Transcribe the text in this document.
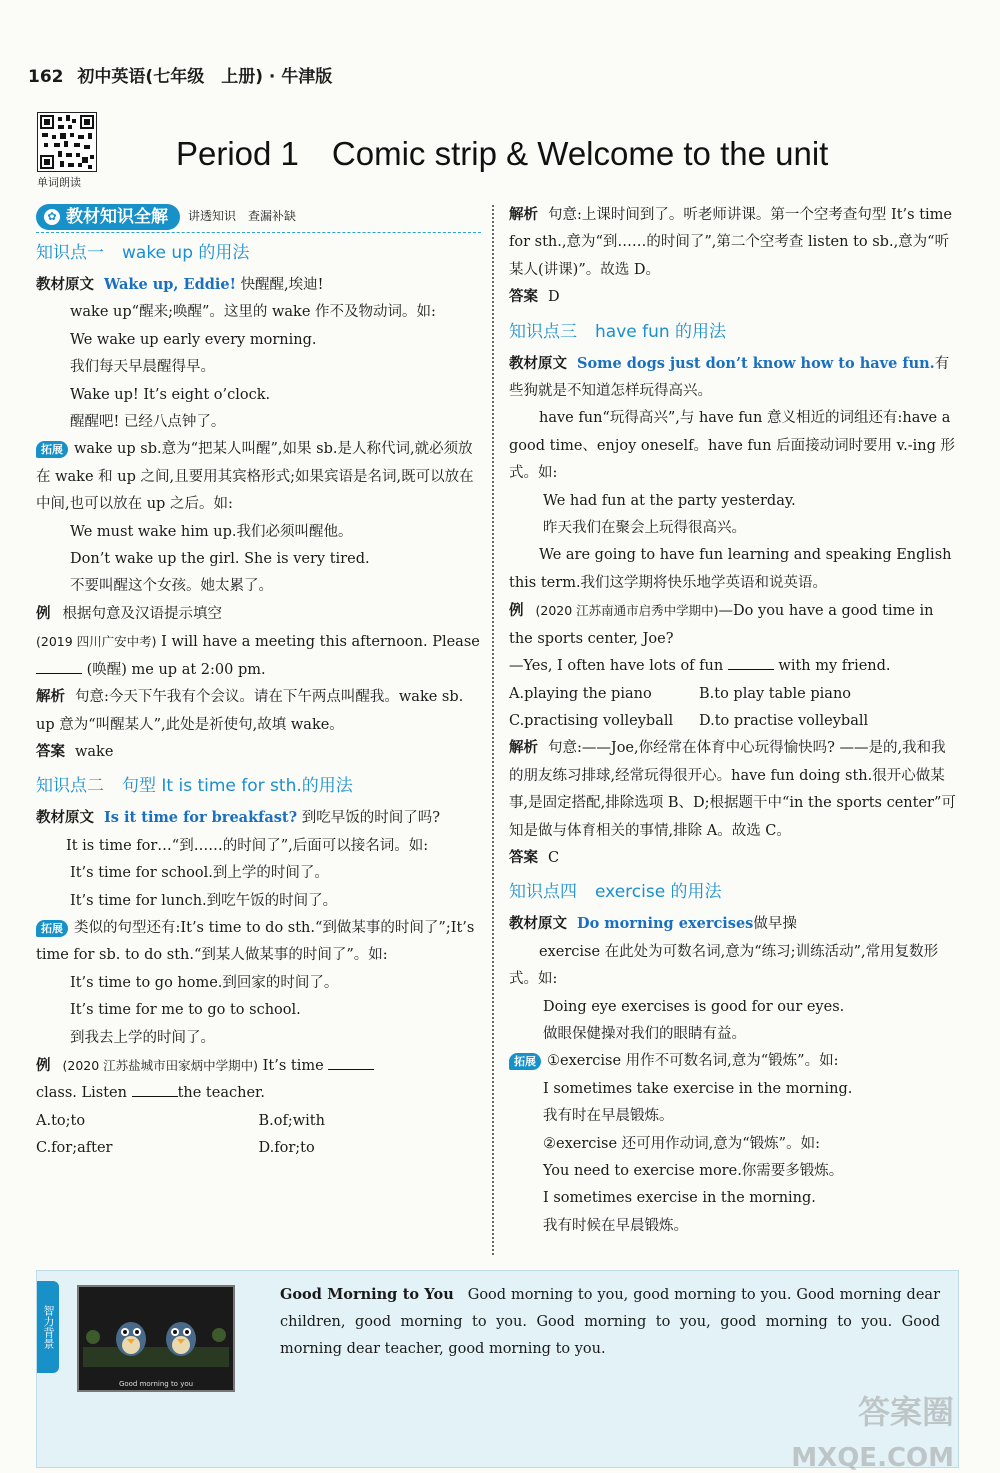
162 初中英语(七年级　上册) · 牛津版
单词朗读
Period 1　Comic strip & Welcome to the unit
✿ 教材知识全解 讲透知识　查漏补缺
知识点一 wake up 的用法
教材原文 Wake up, Eddie! 快醒醒,埃迪!
wake up“醒来;唤醒”。这里的 wake 作不及物动词。如:
We wake up early every morning.
我们每天早晨醒得早。
Wake up! It’s eight o’clock.
醒醒吧! 已经八点钟了。
拓展 wake up sb.意为“把某人叫醒”,如果 sb.是人称代词,就必须放在 wake 和 up 之间,且要用其宾格形式;如果宾语是名词,既可以放在中间,也可以放在 up 之后。如:
We must wake him up.我们必须叫醒他。
Don’t wake up the girl. She is very tired.
不要叫醒这个女孩。她太累了。
例 根据句意及汉语提示填空
(2019 四川广安中考) I will have a meeting this afternoon. Please  (唤醒) me up at 2:00 pm.
解析 句意:今天下午我有个会议。请在下午两点叫醒我。wake sb. up 意为“叫醒某人”,此处是祈使句,故填 wake。
答案 wake
知识点二 句型 It is time for sth.的用法
教材原文 Is it time for breakfast? 到吃早饭的时间了吗?
It is time for…“到……的时间了”,后面可以接名词。如:
It’s time for school.到上学的时间了。
It’s time for lunch.到吃午饭的时间了。
拓展 类似的句型还有:It’s time to do sth.“到做某事的时间了”;It’s time for sb. to do sth.“到某人做某事的时间了”。如:
It’s time to go home.到回家的时间了。
It’s time for me to go to school.
到我去上学的时间了。
例 (2020 江苏盐城市田家炳中学期中) It’s time
class. Listen	the teacher.
A.to;to	B.of;with
C.for;after	D.for;to
解析 句意:上课时间到了。听老师讲课。第一个空考查句型 It’s time for sth.,意为“到……的时间了”,第二个空考查 listen to sb.,意为“听某人(讲课)”。故选 D。
答案 D
知识点三 have fun 的用法
教材原文 Some dogs just don’t know how to have fun.有些狗就是不知道怎样玩得高兴。
have fun“玩得高兴”,与 have fun 意义相近的词组还有:have a good time、enjoy oneself。have fun 后面接动词时要用 v.-ing 形式。如:
We had fun at the party yesterday.
昨天我们在聚会上玩得很高兴。
We are going to have fun learning and speaking English this term.我们这学期将快乐地学英语和说英语。
例 (2020 江苏南通市启秀中学期中)—Do you have a good time in the sports center, Joe?
—Yes, I often have lots of fun	with my friend.
A.playing the piano	B.to play table piano
C.practising volleyball	D.to practise volleyball
解析 句意:——Joe,你经常在体育中心玩得愉快吗? ——是的,我和我的朋友练习排球,经常玩得很开心。have fun doing sth.很开心做某事,是固定搭配,排除选项 B、D;根据题干中“in the sports center”可知是做与体育相关的事情,排除 A。故选 C。
答案 C
知识点四 exercise 的用法
教材原文 Do morning exercises做早操
exercise 在此处为可数名词,意为“练习;训练活动”,常用复数形式。如:
Doing eye exercises is good for our eyes.
做眼保健操对我们的眼睛有益。
拓展 ①exercise 用作不可数名词,意为“锻炼”。如:
I sometimes take exercise in the morning.
我有时在早晨锻炼。
②exercise 还可用作动词,意为“锻炼”。如:
You need to exercise more.你需要多锻炼。
I sometimes exercise in the morning.
我有时候在早晨锻炼。
智力背景
Good morning to you
Good Morning to You Good morning to you, good morning to you. Good morning dear children, good morning to you. Good morning to you, good morning to you. Good morning dear teacher, good morning to you.
答案圈
MXQE.COM
